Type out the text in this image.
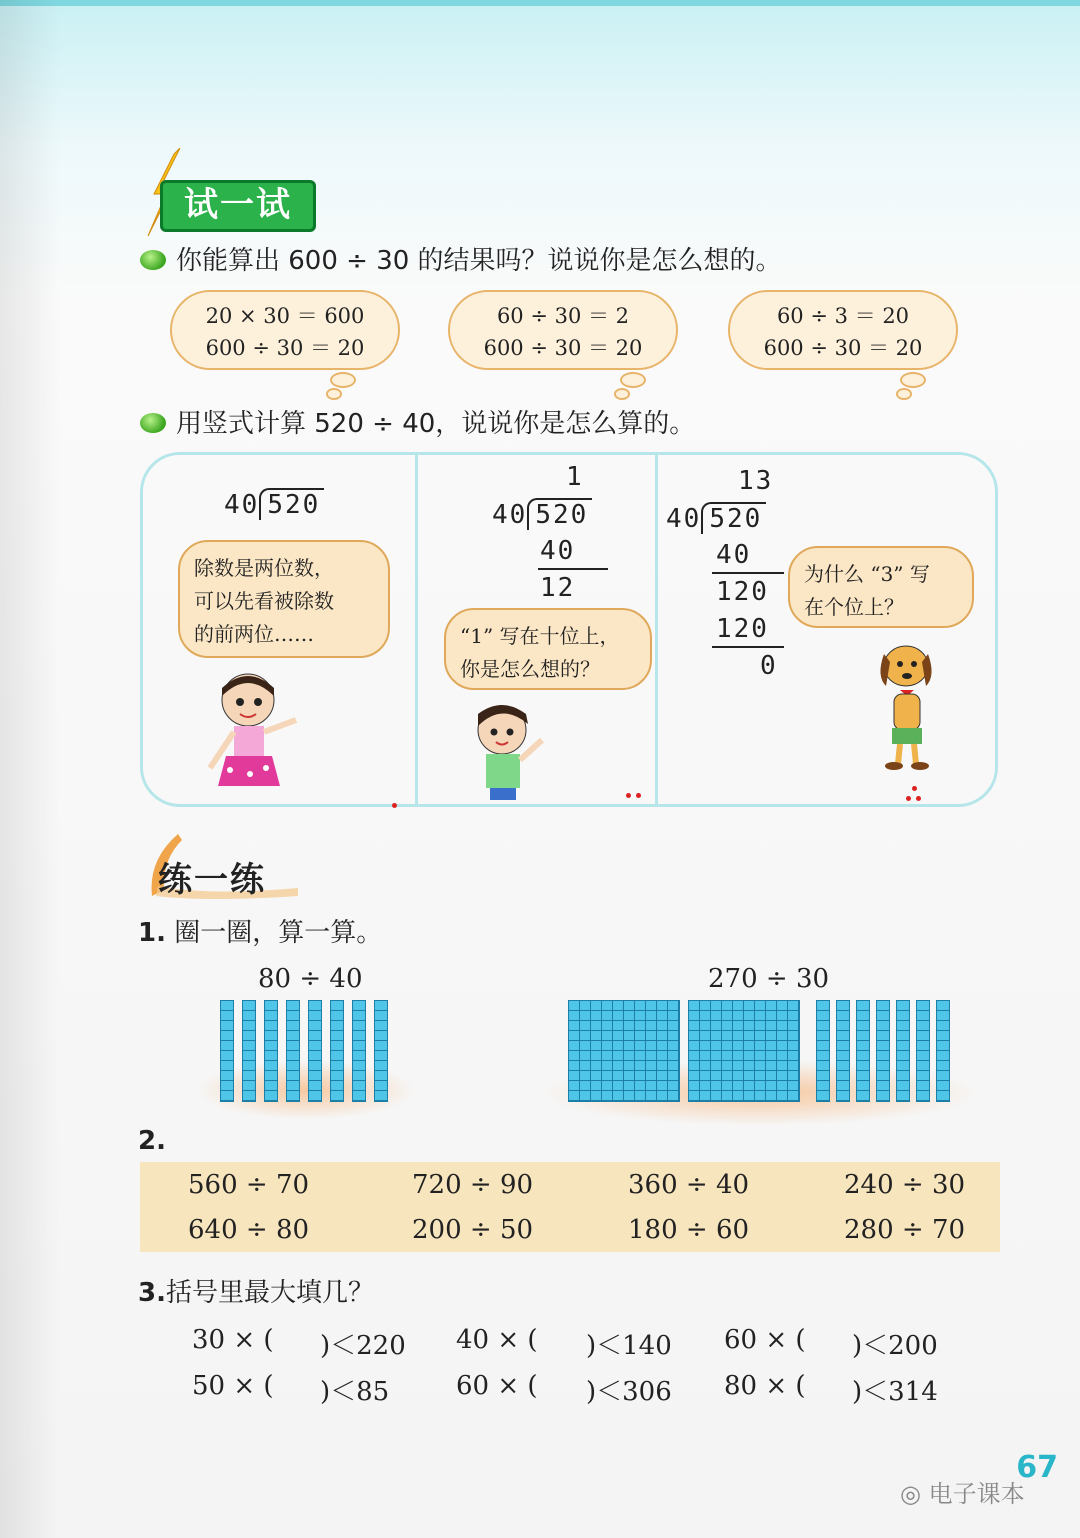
试一试
你能算出 600 ÷ 30 的结果吗？说说你是怎么想的。
20 × 30 ＝ 600
600 ÷ 30 ＝ 20
60 ÷ 30 ＝ 2
600 ÷ 30 ＝ 20
60 ÷ 3 ＝ 20
600 ÷ 30 ＝ 20
用竖式计算 520 ÷ 40，说说你是怎么算的。
40 520
除数是两位数，
可以先看被除数
的前两位……
1
40 520
40
12
“1” 写在十位上，
你是怎么想的？
13
40 520
40
120
120
0
为什么 “3” 写
在个位上？
练一练
1. 圈一圈，算一算。
80 ÷ 40	270 ÷ 30
2.
560 ÷ 70	720 ÷ 90	360 ÷ 40	240 ÷ 30
640 ÷ 80	200 ÷ 50	180 ÷ 60	280 ÷ 70
3.括号里最大填几？
30 × ( )＜220 40 × ( )＜140 60 × ( )＜200
50 × ( )＜85	60 × ( )＜306 80 × ( )＜314
67
◎ 电子课本
